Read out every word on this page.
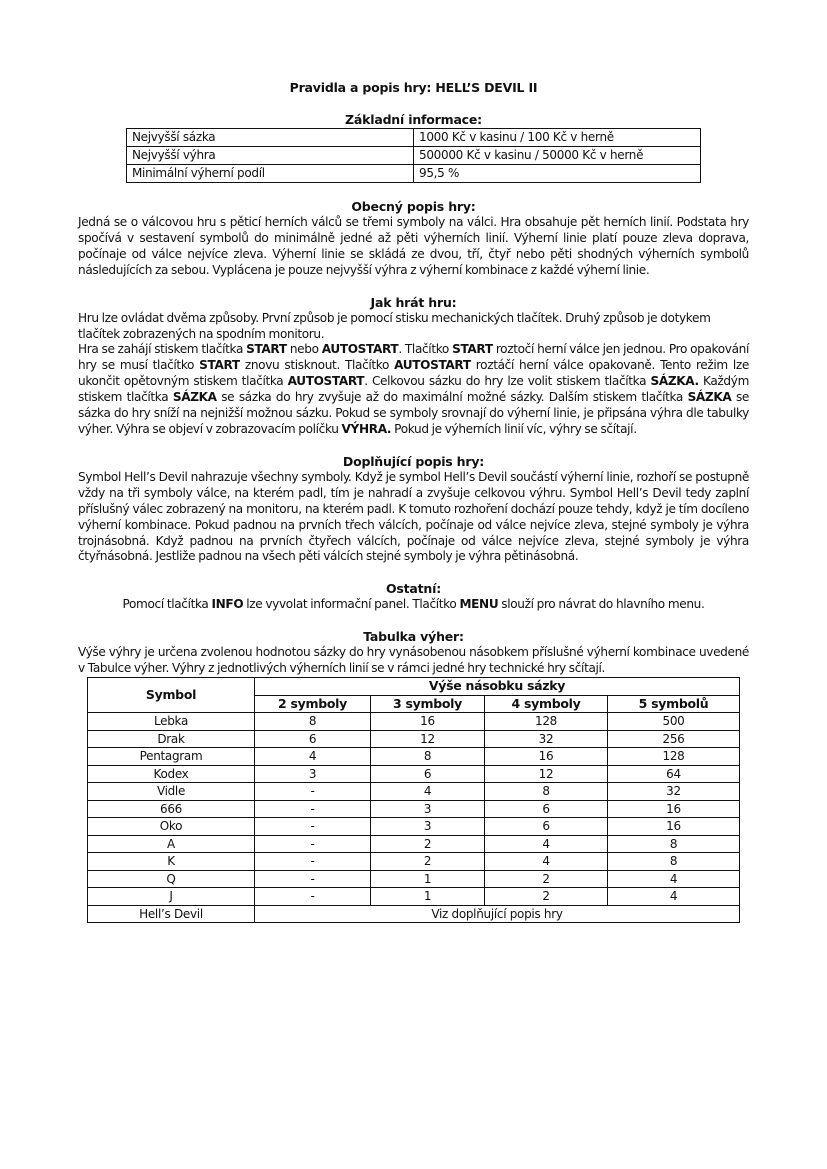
Pravidla a popis hry: HELL’S DEVIL II
Základní informace:
Nejvyšší sázka	1000 Kč v kasinu / 100 Kč v herně
Nejvyšší výhra	500000 Kč v kasinu / 50000 Kč v herně
Minimální výherní podíl	95,5 %
Obecný popis hry:

Jedná se o válcovou hru s pěticí herních válců se třemi symboly na válci. Hra obsahuje pět herních linií. Podstata hry spočívá v sestavení symbolů do minimálně jedné až pěti výherních linií. Výherní linie platí pouze zleva doprava, počínaje od válce nejvíce zleva. Výherní linie se skládá ze dvou, tří, čtyř nebo pěti shodných výherních symbolů následujících za sebou. Vyplácena je pouze nejvyšší výhra z výherní kombinace z každé výherní linie.

Jak hrát hru:

Hru lze ovládat dvěma způsoby. První způsob je pomocí stisku mechanických tlačítek. Druhý způsob je dotykem tlačítek zobrazených na spodním monitoru.

Hra se zahájí stiskem tlačítka START nebo AUTOSTART. Tlačítko START roztočí herní válce jen jednou. Pro opakování hry se musí tlačítko START znovu stisknout. Tlačítko AUTOSTART roztáčí herní válce opakovaně. Tento režim lze ukončit opětovným stiskem tlačítka AUTOSTART. Celkovou sázku do hry lze volit stiskem tlačítka SÁZKA. Každým stiskem tlačítka SÁZKA se sázka do hry zvyšuje až do maximální možné sázky. Dalším stiskem tlačítka SÁZKA se sázka do hry sníží na nejnižší možnou sázku. Pokud se symboly srovnají do výherní linie, je připsána výhra dle tabulky výher. Výhra se objeví v zobrazovacím políčku VÝHRA. Pokud je výherních linií víc, výhry se sčítají.

Doplňující popis hry:

Symbol Hell’s Devil nahrazuje všechny symboly. Když je symbol Hell’s Devil součástí výherní linie, rozhoří se postupně vždy na tři symboly válce, na kterém padl, tím je nahradí a zvyšuje celkovou výhru. Symbol Hell’s Devil tedy zaplní příslušný válec zobrazený na monitoru, na kterém padl. K tomuto rozhoření dochází pouze tehdy, když je tím docíleno výherní kombinace. Pokud padnou na prvních třech válcích, počínaje od válce nejvíce zleva, stejné symboly je výhra trojnásobná. Když padnou na prvních čtyřech válcích, počínaje od válce nejvíce zleva, stejné symboly je výhra čtyřnásobná. Jestliže padnou na všech pěti válcích stejné symboly je výhra pětinásobná.

Ostatní:

Pomocí tlačítka INFO lze vyvolat informační panel. Tlačítko MENU slouží pro návrat do hlavního menu.

Tabulka výher:

Výše výhry je určena zvolenou hodnotou sázky do hry vynásobenou násobkem příslušné výherní kombinace uvedené v Tabulce výher. Výhry z jednotlivých výherních linií se v rámci jedné hry technické hry sčítají.

Symbol	Výše násobku sázky			
	2 symboly	3 symboly	4 symboly	5 symbolů
Lebka	8	16	128	500
Drak	6	12	32	256
Pentagram	4	8	16	128
Kodex	3	6	12	64
Vidle	-	4	8	32
666	-	3	6	16
Oko	-	3	6	16
A	-	2	4	8
K	-	2	4	8
Q	-	1	2	4
J	-	1	2	4
Hell’s Devil	Viz doplňující popis hry			
